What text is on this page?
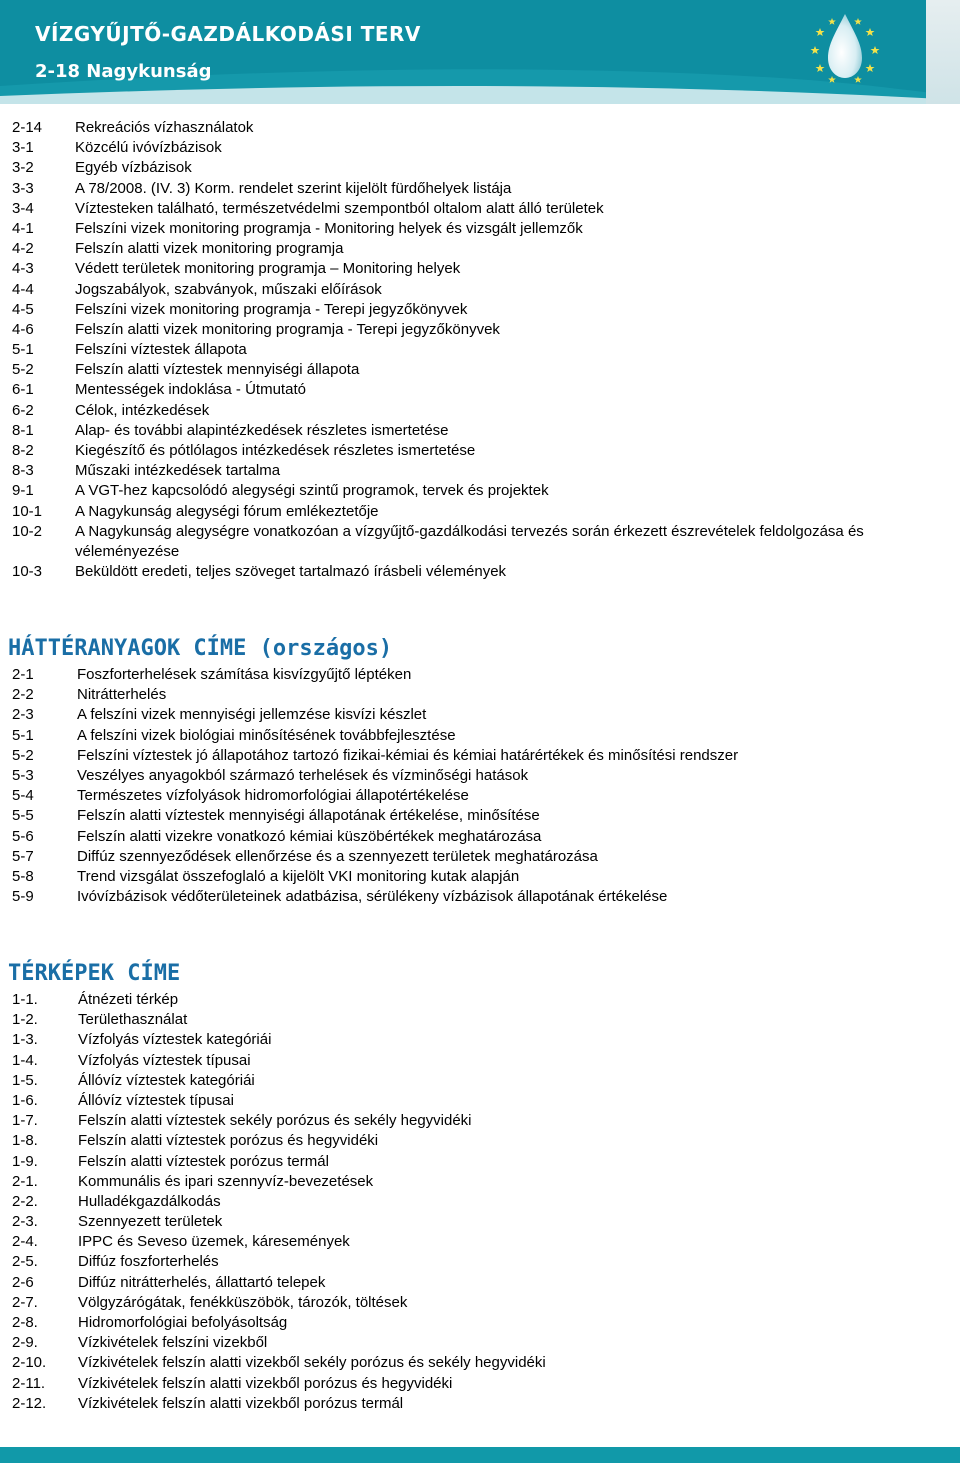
VÍZGYŰJTŐ-GAZDÁLKODÁSI TERV
2-18 Nagykunság
2-14	Rekreációs vízhasználatok
3-1	Közcélú ivóvízbázisok
3-2	Egyéb vízbázisok
3-3	A 78/2008. (IV. 3) Korm. rendelet szerint kijelölt fürdőhelyek listája
3-4	Víztesteken található, természetvédelmi szempontból oltalom alatt álló területek
4-1	Felszíni vizek monitoring programja - Monitoring helyek és vizsgált jellemzők
4-2	Felszín alatti vizek monitoring programja
4-3	Védett területek monitoring programja – Monitoring helyek
4-4	Jogszabályok, szabványok, műszaki előírások
4-5	Felszíni vizek monitoring programja - Terepi jegyzőkönyvek
4-6	Felszín alatti vizek monitoring programja - Terepi jegyzőkönyvek
5-1	Felszíni víztestek állapota
5-2	Felszín alatti víztestek mennyiségi állapota
6-1	Mentességek indoklása - Útmutató
6-2	Célok, intézkedések
8-1	Alap- és további alapintézkedések részletes ismertetése
8-2	Kiegészítő és pótlólagos intézkedések részletes ismertetése
8-3	Műszaki intézkedések tartalma
9-1	A VGT-hez kapcsolódó alegységi szintű programok, tervek és projektek
10-1	A Nagykunság alegységi fórum emlékeztetője
10-2	A Nagykunság alegységre vonatkozóan a vízgyűjtő-gazdálkodási tervezés során érkezett észrevételek feldolgozása és véleményezése
10-3	Beküldött eredeti, teljes szöveget tartalmazó írásbeli vélemények
HÁTTÉRANYAGOK CÍME (országos)
2-1	Foszforterhelések számítása kisvízgyűjtő léptéken
2-2	Nitrátterhelés
2-3	A felszíni vizek mennyiségi jellemzése kisvízi készlet
5-1	A felszíni vizek biológiai minősítésének továbbfejlesztése
5-2	Felszíni víztestek jó állapotához tartozó fizikai-kémiai és kémiai határértékek és minősítési rendszer
5-3	Veszélyes anyagokból származó terhelések és vízminőségi hatások
5-4	Természetes vízfolyások hidromorfológiai állapotértékelése
5-5	Felszín alatti víztestek mennyiségi állapotának értékelése, minősítése
5-6	Felszín alatti vizekre vonatkozó kémiai küszöbértékek meghatározása
5-7	Diffúz szennyeződések ellenőrzése és a szennyezett területek meghatározása
5-8	Trend vizsgálat összefoglaló a kijelölt VKI monitoring kutak alapján
5-9	Ivóvízbázisok védőterületeinek adatbázisa, sérülékeny vízbázisok állapotának értékelése
TÉRKÉPEK CÍME
1-1.	Átnézeti térkép
1-2.	Területhasználat
1-3.	Vízfolyás víztestek kategóriái
1-4.	Vízfolyás víztestek típusai
1-5.	Állóvíz víztestek kategóriái
1-6.	Állóvíz víztestek típusai
1-7.	Felszín alatti víztestek sekély porózus és sekély hegyvidéki
1-8.	Felszín alatti víztestek porózus és hegyvidéki
1-9.	Felszín alatti víztestek porózus termál
2-1.	Kommunális és ipari szennyvíz-bevezetések
2-2.	Hulladékgazdálkodás
2-3.	Szennyezett területek
2-4.	IPPC és Seveso üzemek, káresemények
2-5.	Diffúz foszforterhelés
2-6	Diffúz nitrátterhelés, állattartó telepek
2-7.	Völgyzárógátak, fenékküszöbök, tározók, töltések
2-8.	Hidromorfológiai befolyásoltság
2-9.	Vízkivételek felszíni vizekből
2-10.	Vízkivételek felszín alatti vizekből sekély porózus és sekély hegyvidéki
2-11.	Vízkivételek felszín alatti vizekből porózus és hegyvidéki
2-12.	Vízkivételek felszín alatti vizekből porózus termál
